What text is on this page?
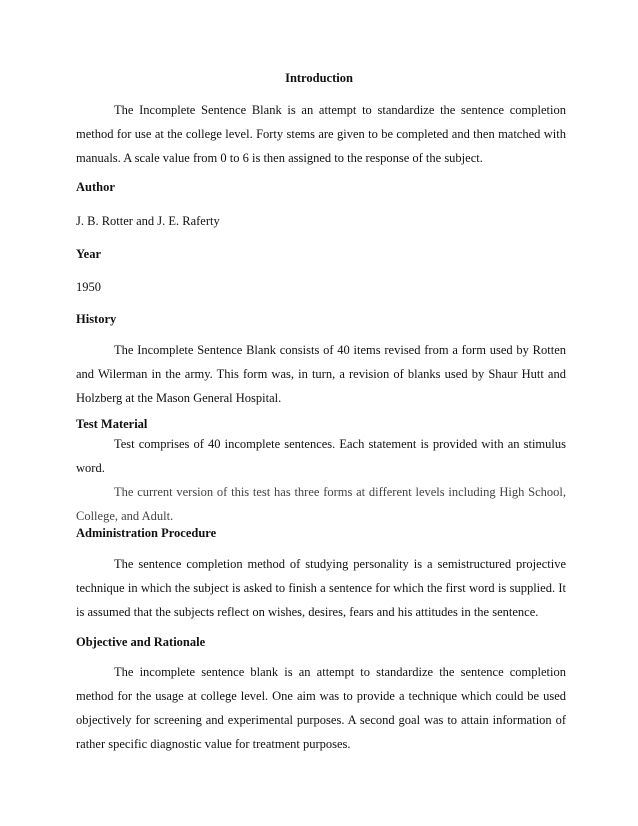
Introduction
The Incomplete Sentence Blank is an attempt to standardize the sentence completion
method for use at the college level. Forty stems are given to be completed and then matched with
manuals. A scale value from 0 to 6 is then assigned to the response of the subject.
Author
J. B. Rotter and J. E. Raferty
Year
1950
History
The Incomplete Sentence Blank consists of 40 items revised from a form used by Rotten
and Wilerman in the army. This form was, in turn, a revision of blanks used by Shaur Hutt and
Holzberg at the Mason General Hospital.
Test Material
Test comprises of 40 incomplete sentences. Each statement is provided with an stimulus
word.
The current version of this test has three forms at different levels including High School,
College, and Adult.
Administration Procedure
The sentence completion method of studying personality is a semistructured projective
technique in which the subject is asked to finish a sentence for which the first word is supplied. It
is assumed that the subjects reflect on wishes, desires, fears and his attitudes in the sentence.
Objective and Rationale
The incomplete sentence blank is an attempt to standardize the sentence completion
method for the usage at college level. One aim was to provide a technique which could be used
objectively for screening and experimental purposes. A second goal was to attain information of
rather specific diagnostic value for treatment purposes.
